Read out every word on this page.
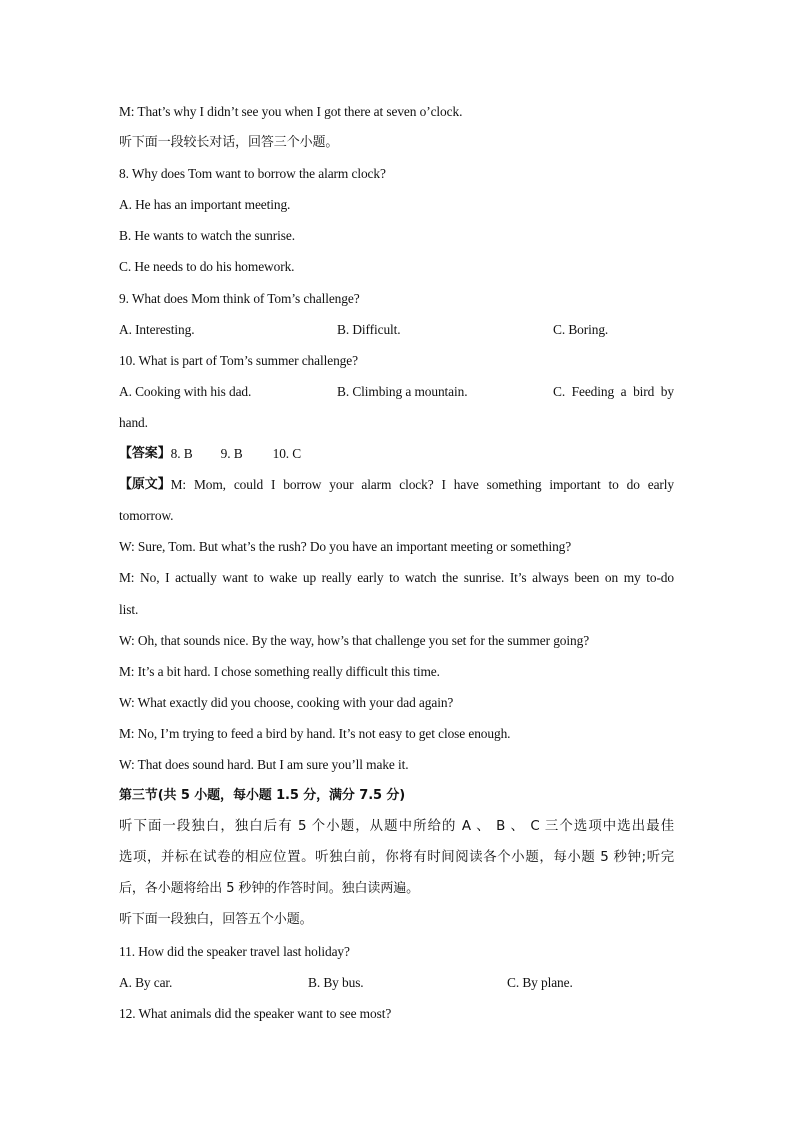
M: That’s why I didn’t see you when I got there at seven o’clock.
听下面一段较长对话，回答三个小题。
8. Why does Tom want to borrow the alarm clock?
A. He has an important meeting.
B. He wants to watch the sunrise.
C. He needs to do his homework.
9. What does Mom think of Tom’s challenge?
A. Interesting.	B. Difficult.	C. Boring.
10. What is part of Tom’s summer challenge?
A. Cooking with his dad.	B. Climbing a mountain.	C. Feeding a bird by
hand.
【答案】 8. B	9. B	10. C
【原文】 M: Mom, could I borrow your alarm clock? I have something important to do early
tomorrow.
W: Sure, Tom. But what’s the rush? Do you have an important meeting or something?
M: No, I actually want to wake up really early to watch the sunrise. It’s always been on my to-do
list.
W: Oh, that sounds nice. By the way, how’s that challenge you set for the summer going?
M: It’s a bit hard. I chose something really difficult this time.
W: What exactly did you choose, cooking with your dad again?
M: No, I’m trying to feed a bird by hand. It’s not easy to get close enough.
W: That does sound hard. But I am sure you’ll make it.
第三节(共 5 小题，每小题 1.5 分，满分 7.5 分)
听下面一段独白，独白后有 5 个小题，从题中所给的 A 、 B 、 C 三个选项中选出最佳
选项，并标在试卷的相应位置。听独白前，你将有时间阅读各个小题，每小题 5 秒钟;听完
后，各小题将给出 5 秒钟的作答时间。独白读两遍。
听下面一段独白，回答五个小题。
11. How did the speaker travel last holiday?
A. By car.	B. By bus.	C. By plane.
12. What animals did the speaker want to see most?
